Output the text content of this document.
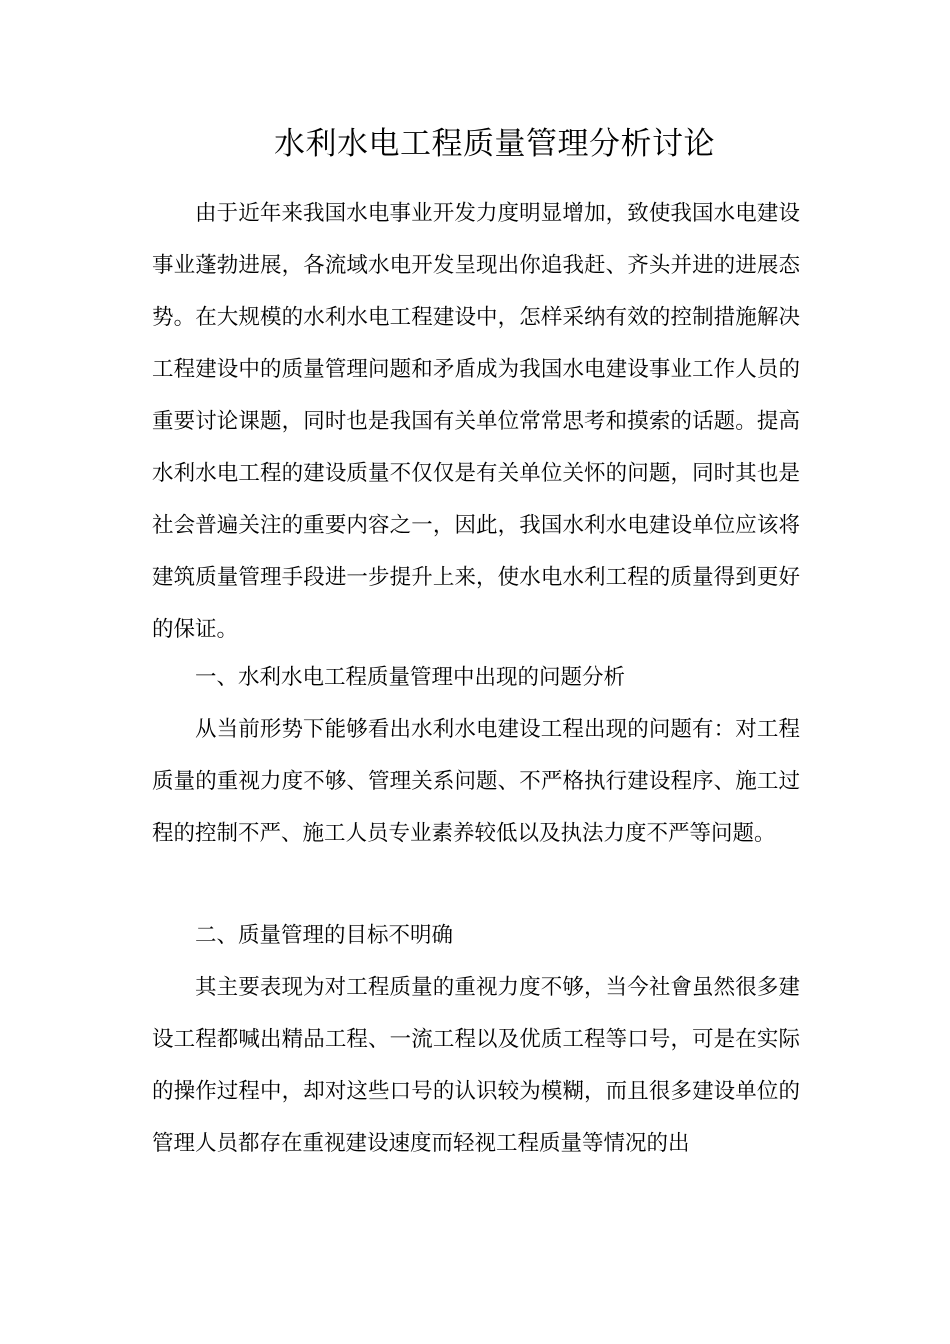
水利水电工程质量管理分析讨论

由于近年来我国水电事业开发力度明显增加，致使我国水电建设事业蓬勃进展，各流域水电开发呈现出你追我赶、齐头并进的进展态势。在大规模的水利水电工程建设中，怎样采纳有效的控制措施解决工程建设中的质量管理问题和矛盾成为我国水电建设事业工作人员的重要讨论课题，同时也是我国有关单位常常思考和摸索的话题。提高水利水电工程的建设质量不仅仅是有关单位关怀的问题，同时其也是社会普遍关注的重要内容之一，因此，我国水利水电建设单位应该将建筑质量管理手段进一步提升上来，使水电水利工程的质量得到更好的保证。

一、水利水电工程质量管理中出现的问题分析

从当前形势下能够看出水利水电建设工程出现的问题有：对工程质量的重视力度不够、管理关系问题、不严格执行建设程序、施工过程的控制不严、施工人员专业素养较低以及执法力度不严等问题。

二、质量管理的目标不明确

其主要表现为对工程质量的重视力度不够，当今社會虽然很多建设工程都喊出精品工程、一流工程以及优质工程等口号，可是在实际的操作过程中，却对这些口号的认识较为模糊，而且很多建设单位的管理人员都存在重视建设速度而轻视工程质量等情况的出
